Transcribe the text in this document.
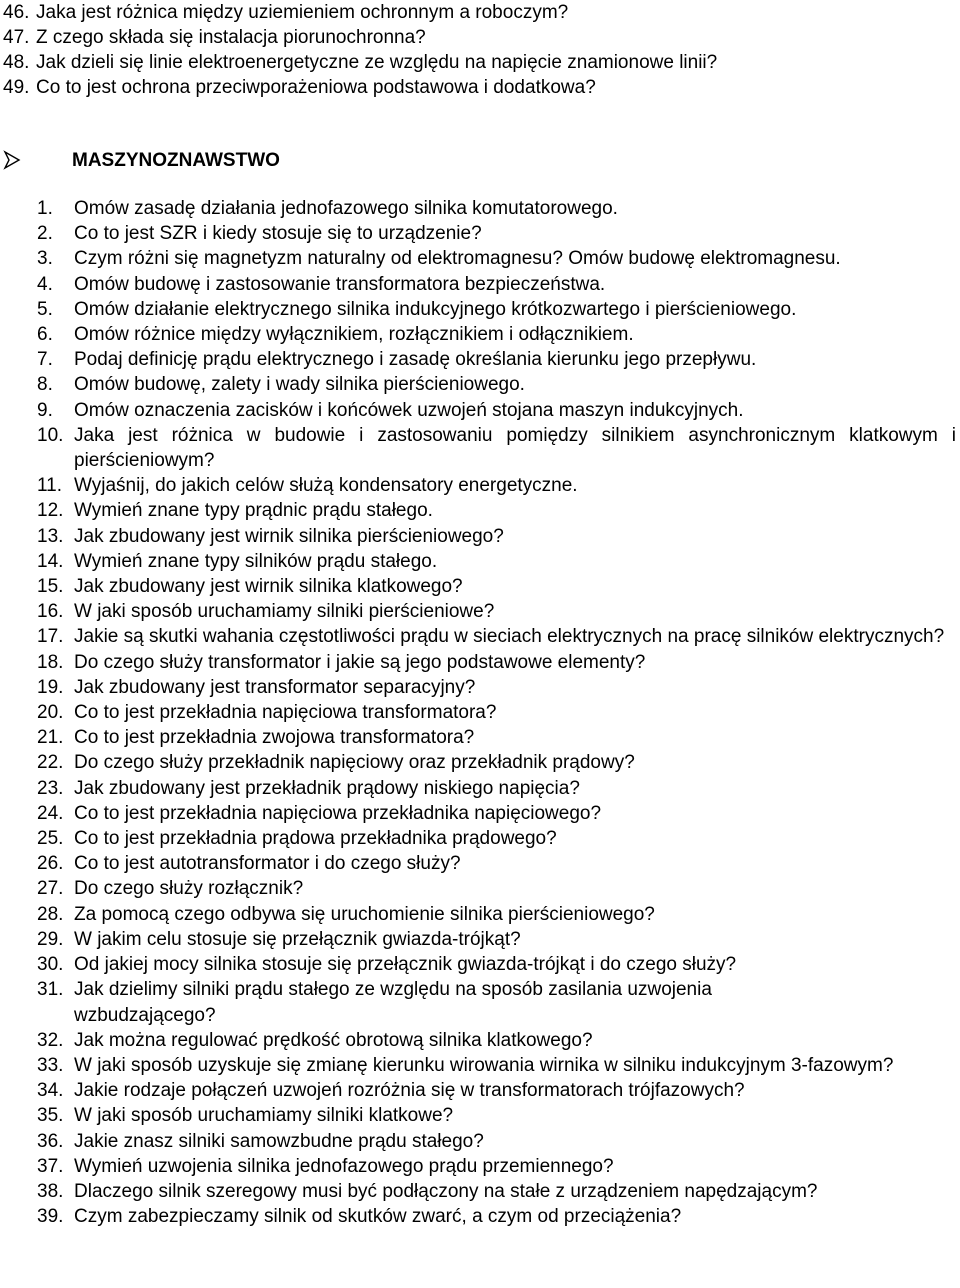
46. Jaka jest różnica między uziemieniem ochronnym a roboczym?
47. Z czego składa się instalacja piorunochronna?
48. Jak dzieli się linie elektroenergetyczne ze względu na napięcie znamionowe linii?
49. Co to jest ochrona przeciwporażeniowa podstawowa i dodatkowa?
MASZYNOZNAWSTWO
1. Omów zasadę działania jednofazowego silnika komutatorowego.
2. Co to jest SZR i kiedy stosuje się to urządzenie?
3. Czym różni się magnetyzm naturalny od elektromagnesu? Omów budowę elektromagnesu.
4. Omów budowę i zastosowanie transformatora bezpieczeństwa.
5. Omów działanie elektrycznego silnika indukcyjnego krótkozwartego i pierścieniowego.
6. Omów różnice między wyłącznikiem, rozłącznikiem i odłącznikiem.
7. Podaj definicję prądu elektrycznego i zasadę określania kierunku jego przepływu.
8. Omów budowę, zalety i wady silnika pierścieniowego.
9. Omów oznaczenia zacisków i końcówek uzwojeń stojana maszyn indukcyjnych.
10. Jaka jest różnica w budowie i zastosowaniu pomiędzy silnikiem asynchronicznym klatkowym i pierścieniowym?
11. Wyjaśnij, do jakich celów służą kondensatory energetyczne.
12. Wymień znane typy prądnic prądu stałego.
13. Jak zbudowany jest wirnik silnika pierścieniowego?
14. Wymień znane typy silników prądu stałego.
15. Jak zbudowany jest wirnik silnika klatkowego?
16. W jaki sposób uruchamiamy silniki pierścieniowe?
17. Jakie są skutki wahania częstotliwości prądu w sieciach elektrycznych na pracę silników elektrycznych?
18. Do czego służy transformator i jakie są jego podstawowe elementy?
19. Jak zbudowany jest transformator separacyjny?
20. Co to jest przekładnia napięciowa transformatora?
21. Co to jest przekładnia zwojowa transformatora?
22. Do czego służy przekładnik napięciowy oraz przekładnik prądowy?
23. Jak zbudowany jest przekładnik prądowy niskiego napięcia?
24. Co to jest przekładnia napięciowa przekładnika napięciowego?
25. Co to jest przekładnia prądowa przekładnika prądowego?
26. Co to jest autotransformator i do czego służy?
27. Do czego służy rozłącznik?
28. Za pomocą czego odbywa się uruchomienie silnika pierścieniowego?
29. W jakim celu stosuje się przełącznik gwiazda-trójkąt?
30. Od jakiej mocy silnika stosuje się przełącznik gwiazda-trójkąt i do czego służy?
31. Jak dzielimy silniki prądu stałego ze względu na sposób zasilania uzwojenia wzbudzającego?
32. Jak można regulować prędkość obrotową silnika klatkowego?
33. W jaki sposób uzyskuje się zmianę kierunku wirowania wirnika w silniku indukcyjnym 3-fazowym?
34. Jakie rodzaje połączeń uzwojeń rozróżnia się w transformatorach trójfazowych?
35. W jaki sposób uruchamiamy silniki klatkowe?
36. Jakie znasz silniki samowzbudne prądu stałego?
37. Wymień uzwojenia silnika jednofazowego prądu przemiennego?
38. Dlaczego silnik szeregowy musi być podłączony na stałe z urządzeniem napędzającym?
39. Czym zabezpieczamy silnik od skutków zwarć, a czym od przeciążenia?
